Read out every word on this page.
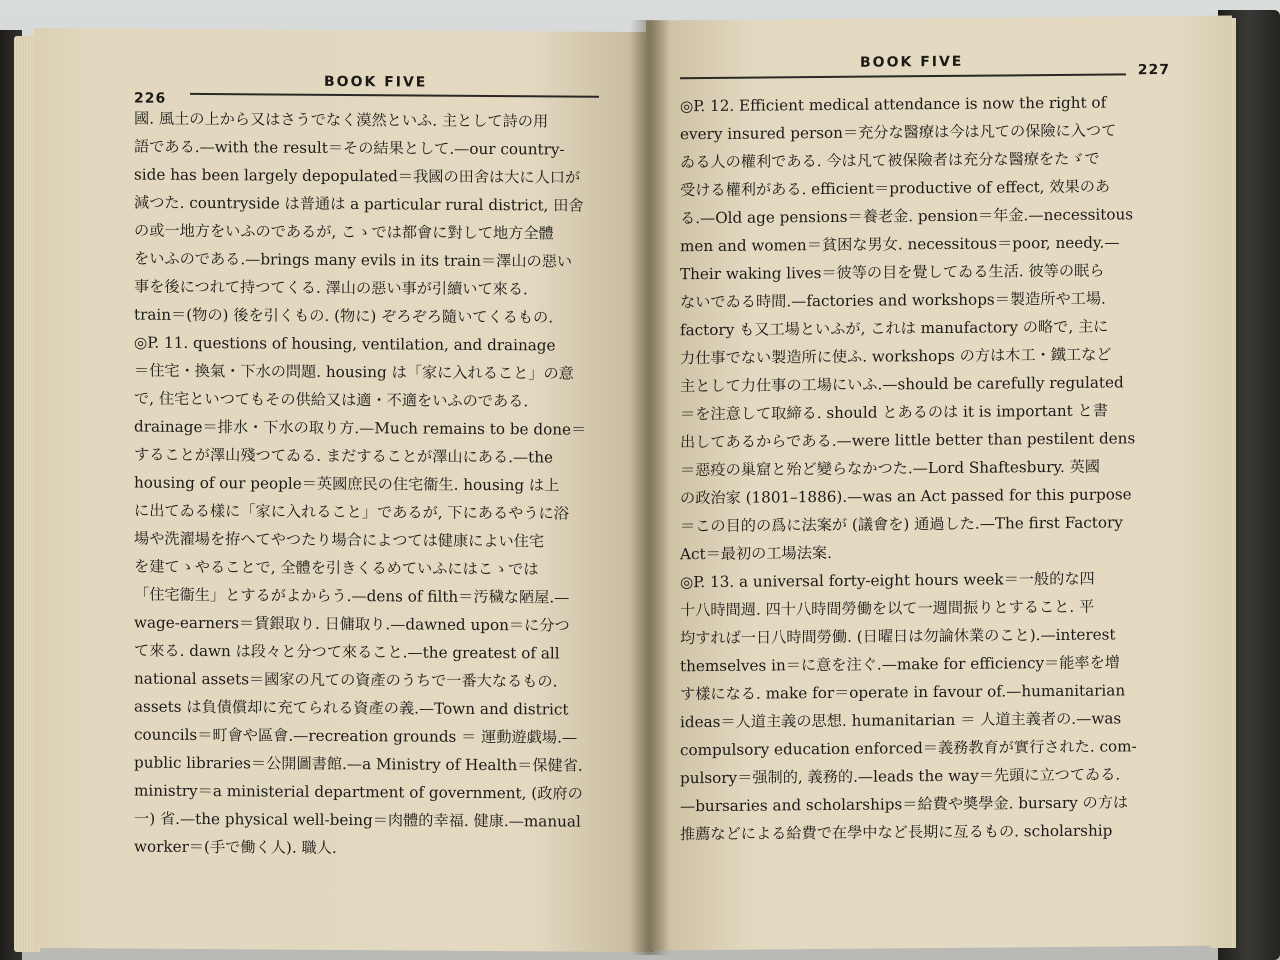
226
BOOK FIVE
國. 風土の上から又はさうでなく漠然といふ. 主として詩の用
語である.—with the result＝その結果として.—our country-
side has been largely depopulated＝我國の田舍は大に人口が
減つた. countryside は普通は a particular rural district, 田舍
の或一地方をいふのであるが, こゝでは都會に對して地方全體
をいふのである.—brings many evils in its train＝澤山の惡い
事を後につれて持つてくる. 澤山の惡い事が引續いて來る.
train＝(物の) 後を引くもの. (物に) ぞろぞろ隨いてくるもの.
◎P. 11. questions of housing, ventilation, and drainage
＝住宅・換氣・下水の問題. housing は「家に入れること」の意
で, 住宅といつてもその供給又は適・不適をいふのである.
drainage＝排水・下水の取り方.—Much remains to be done＝
することが澤山殘つてゐる. まだすることが澤山にある.—the
housing of our people＝英國庶民の住宅衞生. housing は上
に出てゐる樣に「家に入れること」であるが, 下にあるやうに浴
場や洗濯場を拵へてやつたり場合によつては健康によい住宅
を建てゝやることで, 全體を引きくるめていふにはこゝでは
「住宅衞生」とするがよからう.—dens of filth＝汚穢な陋屋.—
wage-earners＝賃銀取り. 日傭取り.—dawned upon＝に分つ
て來る. dawn は段々と分つて來ること.—the greatest of all
national assets＝國家の凡ての資產のうちで一番大なるもの.
assets は負債償却に充てられる資產の義.—Town and district
councils＝町會や區會.—recreation grounds ＝ 運動遊戯場.—
public libraries＝公開圖書館.—a Ministry of Health＝保健省.
ministry＝a ministerial department of government, (政府の
一) 省.—the physical well-being＝肉體的幸福. 健康.—manual
worker＝(手で働く人). 職人.
BOOK FIVE	227
◎P. 12. Efficient medical attendance is now the right of
every insured person＝充分な醫療は今は凡ての保險に入つて
ゐる人の權利である. 今は凡て被保險者は充分な醫療をたゞで
受ける權利がある. efficient＝productive of effect, 效果のあ
る.—Old age pensions＝養老金. pension＝年金.—necessitous
men and women＝貧困な男女. necessitous＝poor, needy.—
Their waking lives＝彼等の目を覺してゐる生活. 彼等の眠ら
ないでゐる時間.—factories and workshops＝製造所や工場.
factory も又工場といふが, これは manufactory の略で, 主に
力仕事でない製造所に使ふ. workshops の方は木工・鐵工など
主として力仕事の工場にいふ.—should be carefully regulated
＝を注意して取締る. should とあるのは it is important と書
出してあるからである.—were little better than pestilent dens
＝惡疫の巢窟と殆ど變らなかつた.—Lord Shaftesbury. 英國
の政治家 (1801–1886).—was an Act passed for this purpose
＝この目的の爲に法案が (議會を) 通過した.—The first Factory
Act＝最初の工場法案.
◎P. 13. a universal forty-eight hours week＝一般的な四
十八時間週. 四十八時間勞働を以て一週間振りとすること. 平
均すれば一日八時間勞働. (日曜日は勿論休業のこと).—interest
themselves in＝に意を注ぐ.—make for efficiency＝能率を增
す樣になる. make for＝operate in favour of.—humanitarian
ideas＝人道主義の思想. humanitarian ＝ 人道主義者の.—was
compulsory education enforced＝義務教育が實行された. com-
pulsory＝强制的, 義務的.—leads the way＝先頭に立つてゐる.
—bursaries and scholarships＝給費や奬學金. bursary の方は
推薦などによる給費で在學中など長期に亙るもの. scholarship
